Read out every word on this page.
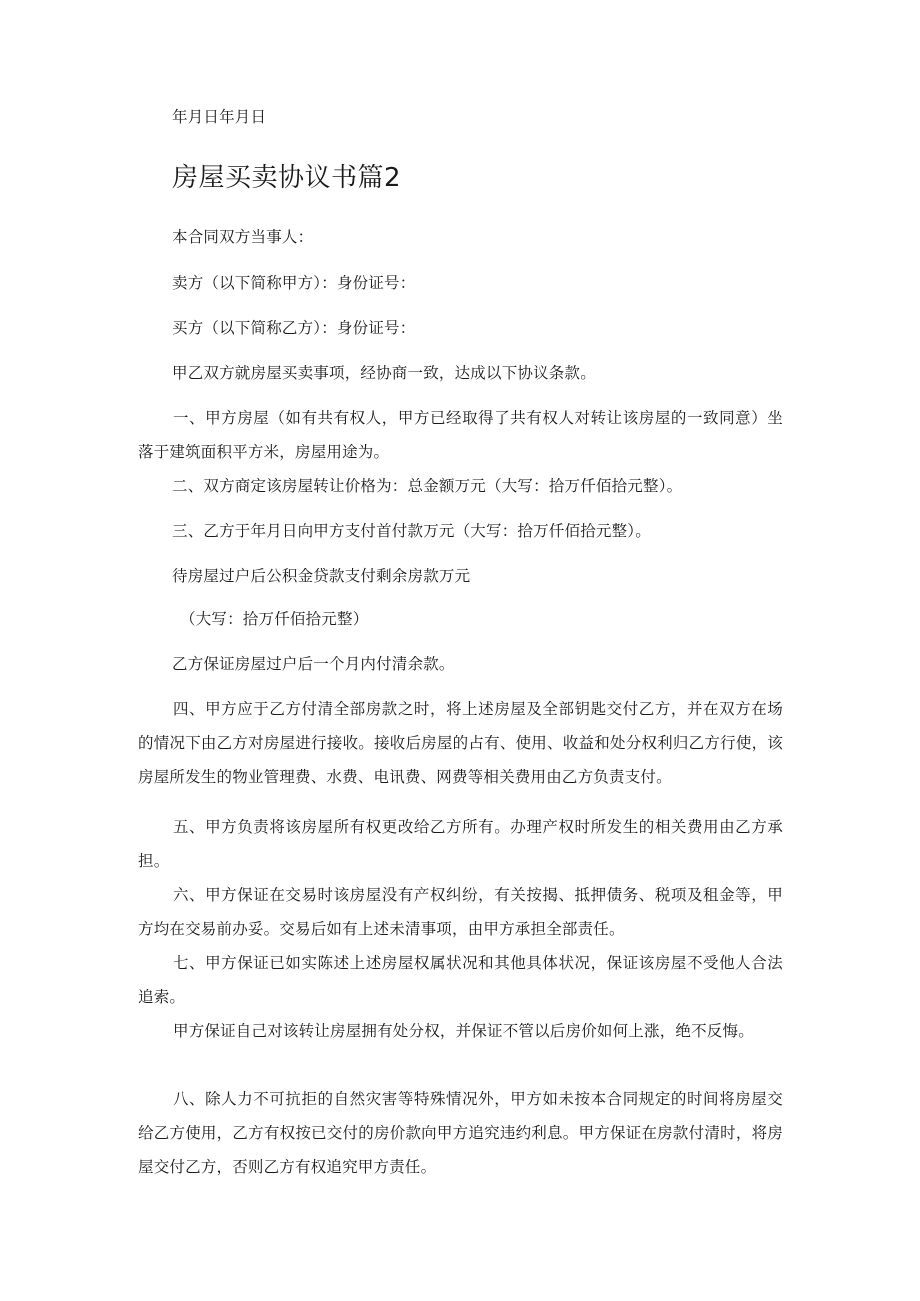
年月日年月日
房屋买卖协议书篇2
本合同双方当事人：
卖方（以下简称甲方）：身份证号：
买方（以下简称乙方）：身份证号：
甲乙双方就房屋买卖事项，经协商一致，达成以下协议条款。
一、甲方房屋（如有共有权人，甲方已经取得了共有权人对转让该房屋的一致同意）坐落于建筑面积平方米，房屋用途为。
二、双方商定该房屋转让价格为：总金额万元（大写：拾万仟佰拾元整）。
三、乙方于年月日向甲方支付首付款万元（大写：拾万仟佰拾元整）。
待房屋过户后公积金贷款支付剩余房款万元
（大写：拾万仟佰拾元整）
乙方保证房屋过户后一个月内付清余款。
四、甲方应于乙方付清全部房款之时，将上述房屋及全部钥匙交付乙方，并在双方在场的情况下由乙方对房屋进行接收。接收后房屋的占有、使用、收益和处分权利归乙方行使，该房屋所发生的物业管理费、水费、电讯费、网费等相关费用由乙方负责支付。
五、甲方负责将该房屋所有权更改给乙方所有。办理产权时所发生的相关费用由乙方承担。
六、甲方保证在交易时该房屋没有产权纠纷，有关按揭、抵押债务、税项及租金等，甲方均在交易前办妥。交易后如有上述未清事项，由甲方承担全部责任。
七、甲方保证已如实陈述上述房屋权属状况和其他具体状况，保证该房屋不受他人合法追索。
甲方保证自己对该转让房屋拥有处分权，并保证不管以后房价如何上涨，绝不反悔。
八、除人力不可抗拒的自然灾害等特殊情况外，甲方如未按本合同规定的时间将房屋交给乙方使用，乙方有权按已交付的房价款向甲方追究违约利息。甲方保证在房款付清时，将房屋交付乙方，否则乙方有权追究甲方责任。
